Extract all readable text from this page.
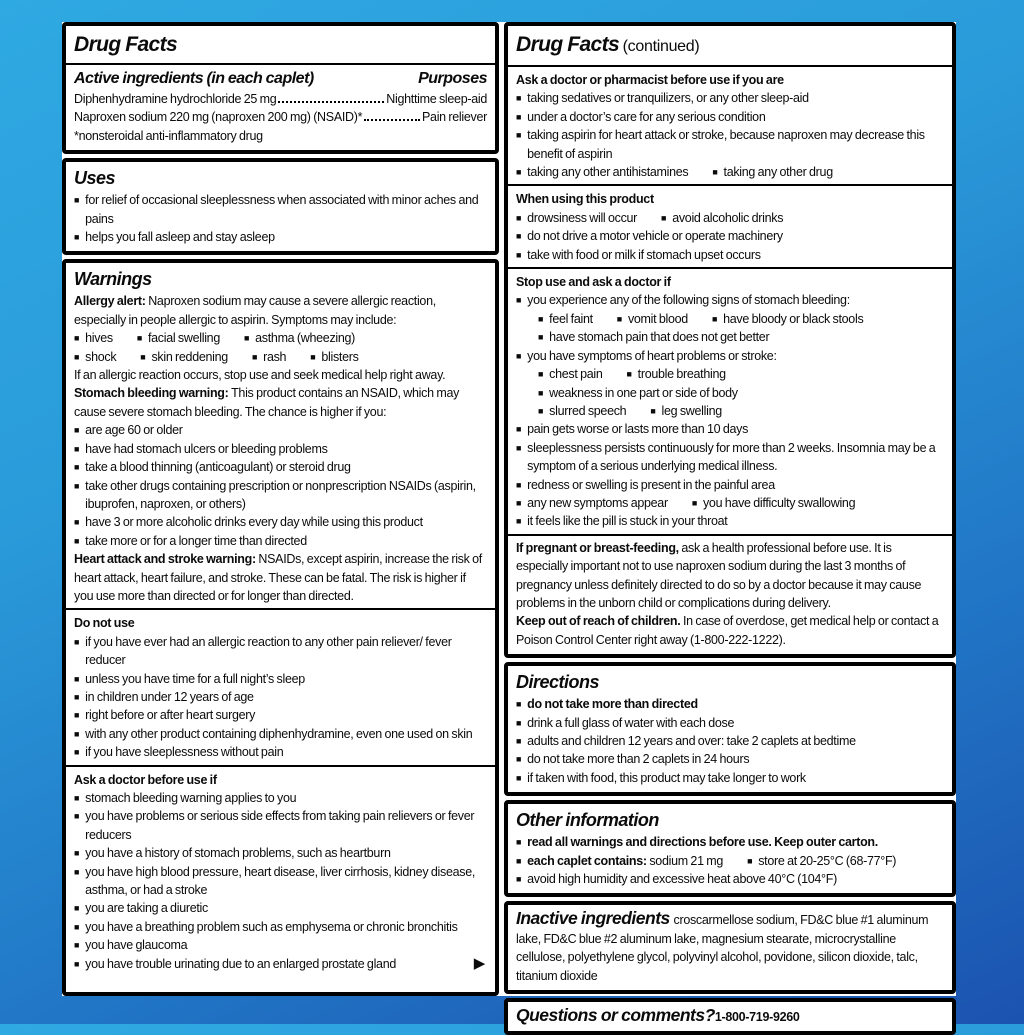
Drug Facts
Active ingredients (in each caplet)	Purposes
Diphenhydramine hydrochloride 25 mg	Nighttime sleep-aid
Naproxen sodium 220 mg (naproxen 200 mg) (NSAID)*	Pain reliever
*nonsteroidal anti-inflammatory drug
Uses
■ for relief of occasional sleeplessness when associated with minor aches and pains
■ helps you fall asleep and stay asleep
Warnings
Allergy alert: Naproxen sodium may cause a severe allergic reaction, especially in people allergic to aspirin. Symptoms may include:
■ hives	■ facial swelling	■ asthma (wheezing)
■ shock	■ skin reddening	■ rash	■ blisters
If an allergic reaction occurs, stop use and seek medical help right away.
Stomach bleeding warning: This product contains an NSAID, which may cause severe stomach bleeding. The chance is higher if you:
■ are age 60 or older
■ have had stomach ulcers or bleeding problems
■ take a blood thinning (anticoagulant) or steroid drug
■ take other drugs containing prescription or nonprescription NSAIDs (aspirin, ibuprofen, naproxen, or others)
■ have 3 or more alcoholic drinks every day while using this product
■ take more or for a longer time than directed
Heart attack and stroke warning: NSAIDs, except aspirin, increase the risk of heart attack, heart failure, and stroke. These can be fatal. The risk is higher if you use more than directed or for longer than directed.
Do not use
■ if you have ever had an allergic reaction to any other pain reliever/ fever reducer
■ unless you have time for a full night’s sleep
■ in children under 12 years of age
■ right before or after heart surgery
■ with any other product containing diphenhydramine, even one used on skin
■ if you have sleeplessness without pain
Ask a doctor before use if
■ stomach bleeding warning applies to you
■ you have problems or serious side effects from taking pain relievers or fever reducers
■ you have a history of stomach problems, such as heartburn
■ you have high blood pressure, heart disease, liver cirrhosis, kidney disease, asthma, or had a stroke
■ you are taking a diuretic
■ you have a breathing problem such as emphysema or chronic bronchitis
■ you have glaucoma
■ you have trouble urinating due to an enlarged prostate gland	▶
Drug Facts (continued)
Ask a doctor or pharmacist before use if you are
■ taking sedatives or tranquilizers, or any other sleep-aid
■ under a doctor’s care for any serious condition
■ taking aspirin for heart attack or stroke, because naproxen may decrease this benefit of aspirin
■ taking any other antihistamines	■ taking any other drug
When using this product
■ drowsiness will occur	■ avoid alcoholic drinks
■ do not drive a motor vehicle or operate machinery
■ take with food or milk if stomach upset occurs
Stop use and ask a doctor if
■ you experience any of the following signs of stomach bleeding:
■ feel faint	■ vomit blood	■ have bloody or black stools
■ have stomach pain that does not get better
■ you have symptoms of heart problems or stroke:
■ chest pain	■ trouble breathing
■ weakness in one part or side of body
■ slurred speech	■ leg swelling
■ pain gets worse or lasts more than 10 days
■ sleeplessness persists continuously for more than 2 weeks. Insomnia may be a symptom of a serious underlying medical illness.
■ redness or swelling is present in the painful area
■ any new symptoms appear	■ you have difficulty swallowing
■ it feels like the pill is stuck in your throat
If pregnant or breast-feeding, ask a health professional before use. It is especially important not to use naproxen sodium during the last 3 months of pregnancy unless definitely directed to do so by a doctor because it may cause problems in the unborn child or complications during delivery.
Keep out of reach of children. In case of overdose, get medical help or contact a Poison Control Center right away (1-800-222-1222).
Directions
■ do not take more than directed
■ drink a full glass of water with each dose
■ adults and children 12 years and over: take 2 caplets at bedtime
■ do not take more than 2 caplets in 24 hours
■ if taken with food, this product may take longer to work
Other information
■ read all warnings and directions before use. Keep outer carton.
■ each caplet contains: sodium 21 mg	■ store at 20-25°C (68-77°F)
■ avoid high humidity and excessive heat above 40°C (104°F)
Inactive ingredients croscarmellose sodium, FD&C blue #1 aluminum lake, FD&C blue #2 aluminum lake, magnesium stearate, microcrystalline cellulose, polyethylene glycol, polyvinyl alcohol, povidone, silicon dioxide, talc, titanium dioxide
Questions or comments?1-800-719-9260
